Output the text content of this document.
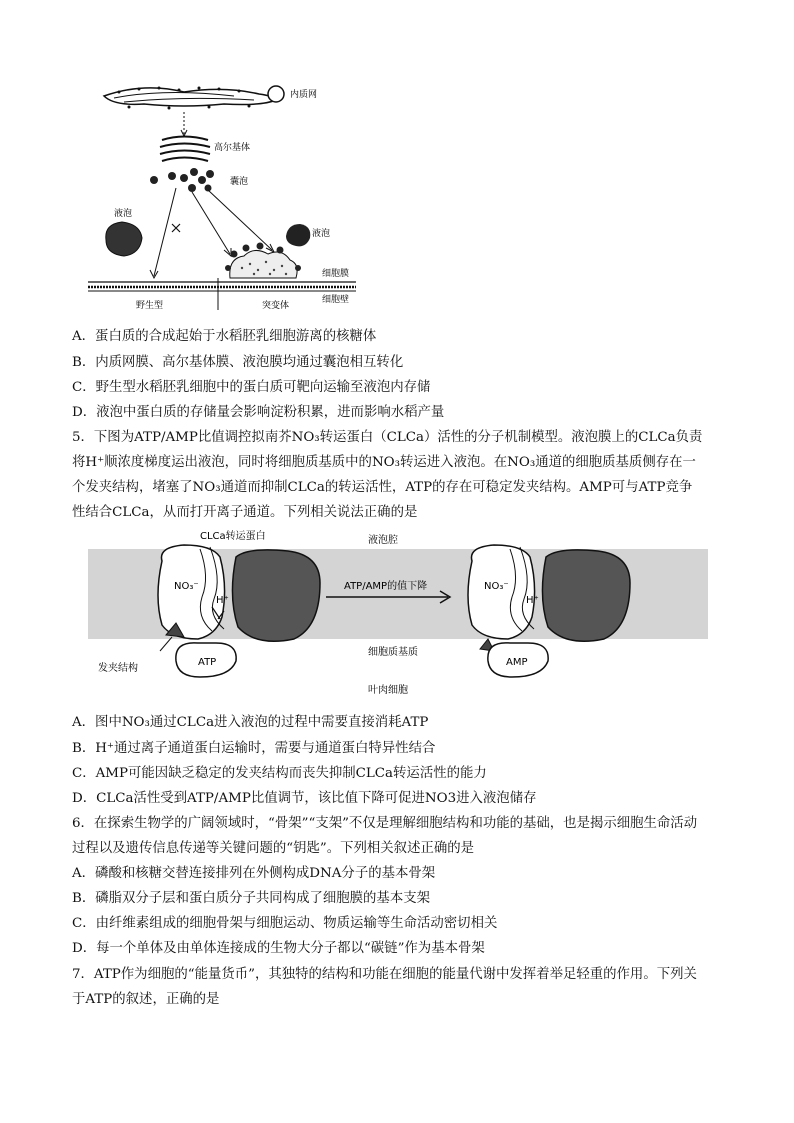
内质网
高尔基体
囊泡
液泡
液泡
细胞膜
细胞壁
野生型	突变体
A．蛋白质的合成起始于水稻胚乳细胞游离的核糖体
B．内质网膜、高尔基体膜、液泡膜均通过囊泡相互转化
C．野生型水稻胚乳细胞中的蛋白质可靶向运输至液泡内存储
D．液泡中蛋白质的存储量会影响淀粉积累，进而影响水稻产量
5．下图为ATP/AMP比值调控拟南芥NO₃转运蛋白（CLCa）活性的分子机制模型。液泡膜上的CLCa负责
将H⁺顺浓度梯度运出液泡，同时将细胞质基质中的NO₃转运进入液泡。在NO₃通道的细胞质基质侧存在一
个发夹结构，堵塞了NO₃通道而抑制CLCa的转运活性，ATP的存在可稳定发夹结构。AMP可与ATP竞争
性结合CLCa，从而打开离子通道。下列相关说法正确的是
液泡腔
CLCa转运蛋白
NO₃⁻
H⁺
ATP
发夹结构
ATP/AMP的值下降	NO₃⁻
H⁺
AMP
细胞质基质
叶肉细胞
A．图中NO₃通过CLCa进入液泡的过程中需要直接消耗ATP
B．H⁺通过离子通道蛋白运输时，需要与通道蛋白特异性结合
C．AMP可能因缺乏稳定的发夹结构而丧失抑制CLCa转运活性的能力
D．CLCa活性受到ATP/AMP比值调节，该比值下降可促进NO3进入液泡储存
6．在探索生物学的广阔领域时，“骨架”“支架”不仅是理解细胞结构和功能的基础，也是揭示细胞生命活动
过程以及遗传信息传递等关键问题的“钥匙”。下列相关叙述正确的是
A．磷酸和核糖交替连接排列在外侧构成DNA分子的基本骨架
B．磷脂双分子层和蛋白质分子共同构成了细胞膜的基本支架
C．由纤维素组成的细胞骨架与细胞运动、物质运输等生命活动密切相关
D．每一个单体及由单体连接成的生物大分子都以“碳链”作为基本骨架
7．ATP作为细胞的“能量货币”，其独特的结构和功能在细胞的能量代谢中发挥着举足轻重的作用。下列关
于ATP的叙述，正确的是
